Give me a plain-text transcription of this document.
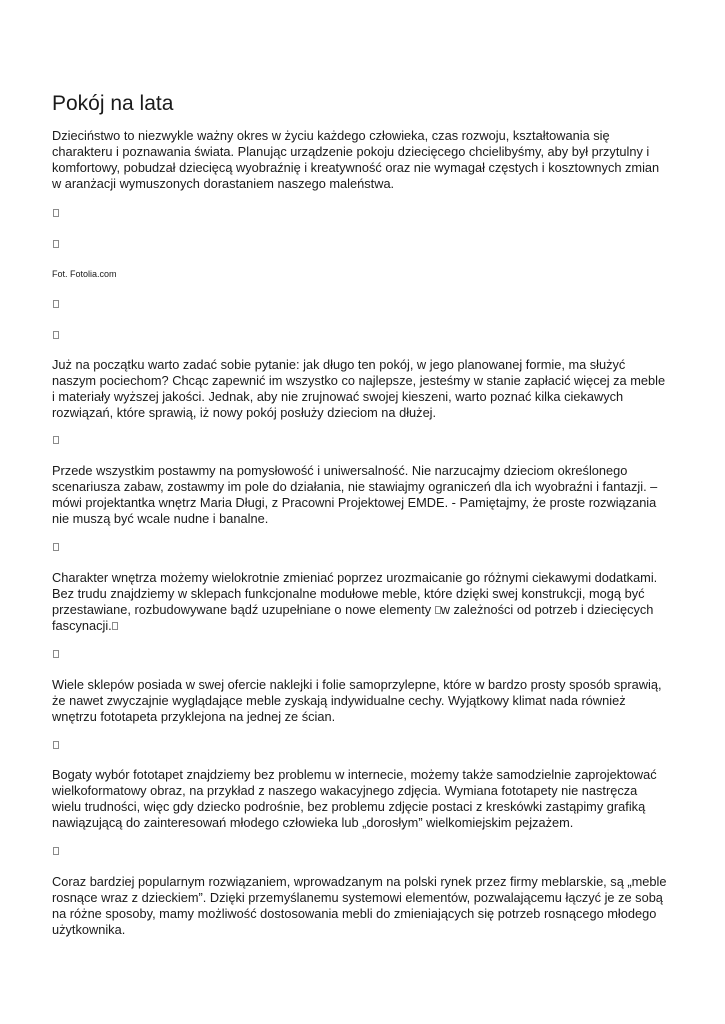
Pokój na lata

Dzieciństwo to niezwykle ważny okres w życiu każdego człowieka, czas rozwoju, kształtowania się charakteru i poznawania świata. Planując urządzenie pokoju dziecięcego chcielibyśmy, aby był przytulny i komfortowy, pobudzał dziecięcą wyobraźnię i kreatywność oraz nie wymagał częstych i kosztownych zmian w aranżacji wymuszonych dorastaniem naszego maleństwa.

Fot. Fotolia.com

Już na początku warto zadać sobie pytanie: jak długo ten pokój, w jego planowanej formie, ma służyć naszym pociechom? Chcąc zapewnić im wszystko co najlepsze, jesteśmy w stanie zapłacić więcej za meble i materiały wyższej jakości. Jednak, aby nie zrujnować swojej kieszeni, warto poznać kilka ciekawych rozwiązań, które sprawią, iż nowy pokój posłuży dzieciom na dłużej.

Przede wszystkim postawmy na pomysłowość i uniwersalność. Nie narzucajmy dzieciom określonego scenariusza zabaw, zostawmy im pole do działania, nie stawiajmy ograniczeń dla ich wyobraźni i fantazji. – mówi projektantka wnętrz Maria Długi, z Pracowni Projektowej EMDE. - Pamiętajmy, że proste rozwiązania nie muszą być wcale nudne i banalne.

Charakter wnętrza możemy wielokrotnie zmieniać poprzez urozmaicanie go różnymi ciekawymi dodatkami. Bez trudu znajdziemy w sklepach funkcjonalne modułowe meble, które dzięki swej konstrukcji, mogą być przestawiane, rozbudowywane bądź uzupełniane o nowe elementy w zależności od potrzeb i dziecięcych fascynacji.

Wiele sklepów posiada w swej ofercie naklejki i folie samoprzylepne, które w bardzo prosty sposób sprawią, że nawet zwyczajnie wyglądające meble zyskają indywidualne cechy. Wyjątkowy klimat nada również wnętrzu fototapeta przyklejona na jednej ze ścian.

Bogaty wybór fototapet znajdziemy bez problemu w internecie, możemy także samodzielnie zaprojektować wielkoformatowy obraz, na przykład z naszego wakacyjnego zdjęcia. Wymiana fototapety nie nastręcza wielu trudności, więc gdy dziecko podrośnie, bez problemu zdjęcie postaci z kreskówki zastąpimy grafiką nawiązującą do zainteresowań młodego człowieka lub „dorosłym” wielkomiejskim pejzażem.

Coraz bardziej popularnym rozwiązaniem, wprowadzanym na polski rynek przez firmy meblarskie, są „meble rosnące wraz z dzieckiem”. Dzięki przemyślanemu systemowi elementów, pozwalającemu łączyć je ze sobą na różne sposoby, mamy możliwość dostosowania mebli do zmieniających się potrzeb rosnącego młodego użytkownika.
